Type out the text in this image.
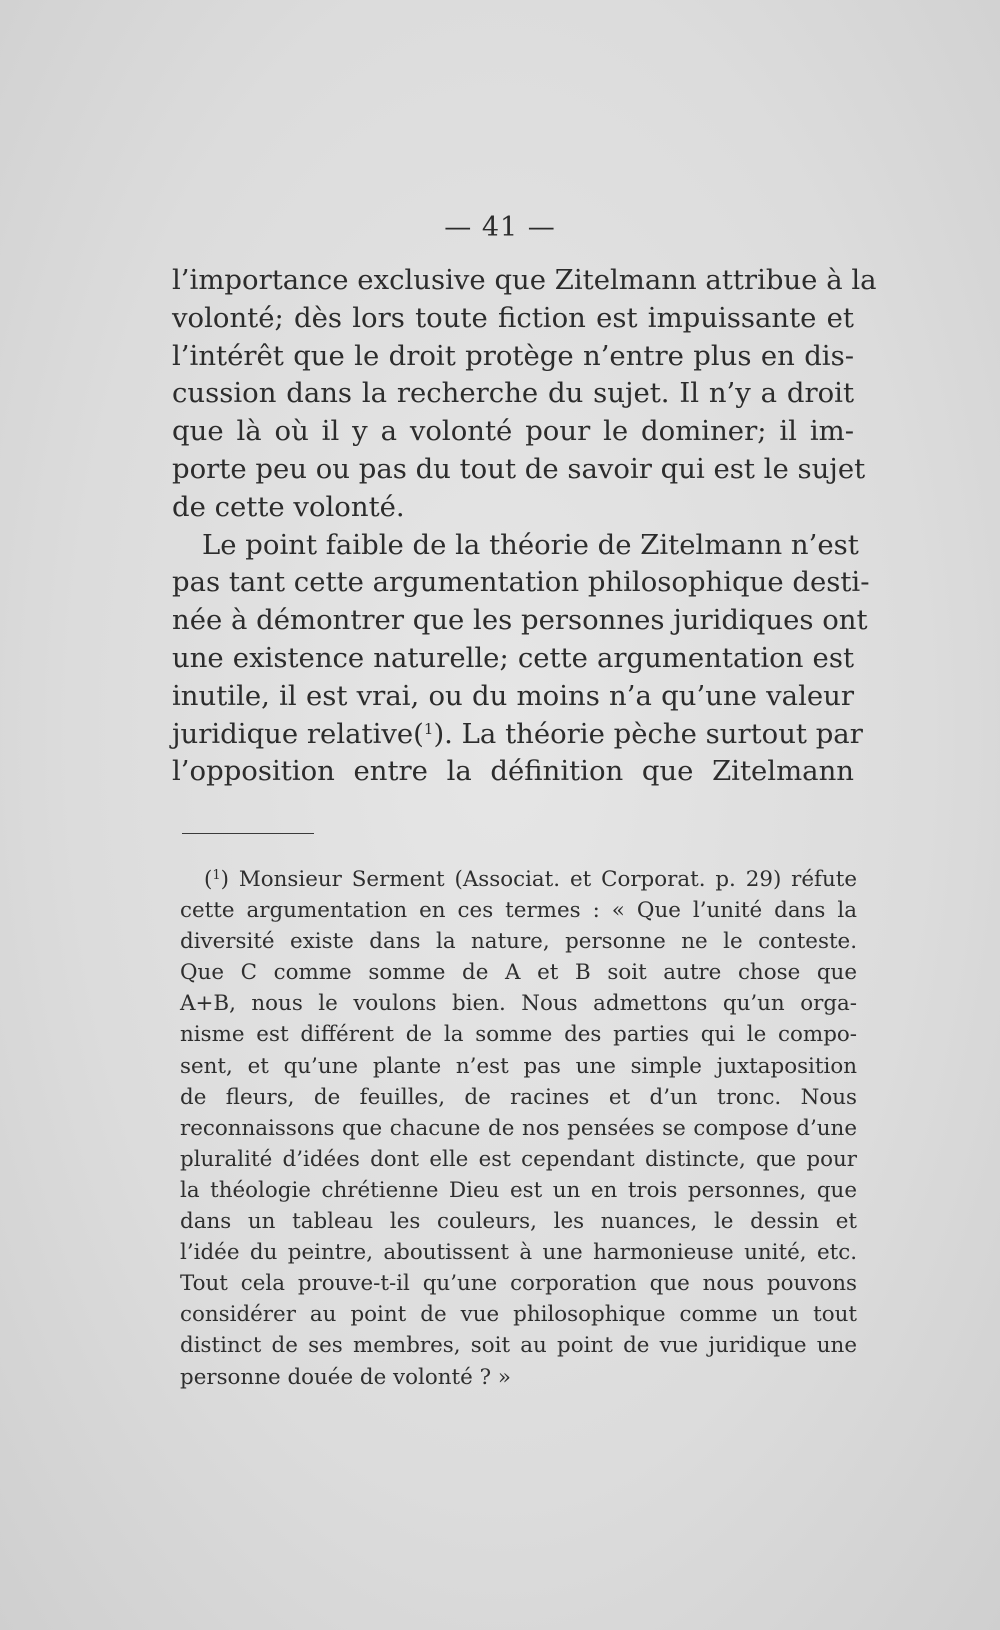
— 41 —
l’importance exclusive que Zitelmann attribue à la
volonté; dès lors toute fiction est impuissante et
l’intérêt que le droit protège n’entre plus en dis-
cussion dans la recherche du sujet. Il n’y a droit
que là où il y a volonté pour le dominer; il im-
porte peu ou pas du tout de savoir qui est le sujet
de cette volonté.
Le point faible de la théorie de Zitelmann n’est
pas tant cette argumentation philosophique desti-
née à démontrer que les personnes juridiques ont
une existence naturelle; cette argumentation est
inutile, il est vrai, ou du moins n’a qu’une valeur
juridique relative($^1$). La théorie pèche surtout par
l’opposition entre la définition que Zitelmann
($^1$) Monsieur Serment (Associat. et Corporat. p. 29) réfute
cette argumentation en ces termes : « Que l’unité dans la
diversité existe dans la nature, personne ne le conteste.
Que C comme somme de A et B soit autre chose que
A+B, nous le voulons bien. Nous admettons qu’un orga-
nisme est différent de la somme des parties qui le compo-
sent, et qu’une plante n’est pas une simple juxtaposition
de fleurs, de feuilles, de racines et d’un tronc. Nous
reconnaissons que chacune de nos pensées se compose d’une
pluralité d’idées dont elle est cependant distincte, que pour
la théologie chrétienne Dieu est un en trois personnes, que
dans un tableau les couleurs, les nuances, le dessin et
l’idée du peintre, aboutissent à une harmonieuse unité, etc.
Tout cela prouve-t-il qu’une corporation que nous pouvons
considérer au point de vue philosophique comme un tout
distinct de ses membres, soit au point de vue juridique une
personne douée de volonté ? »
